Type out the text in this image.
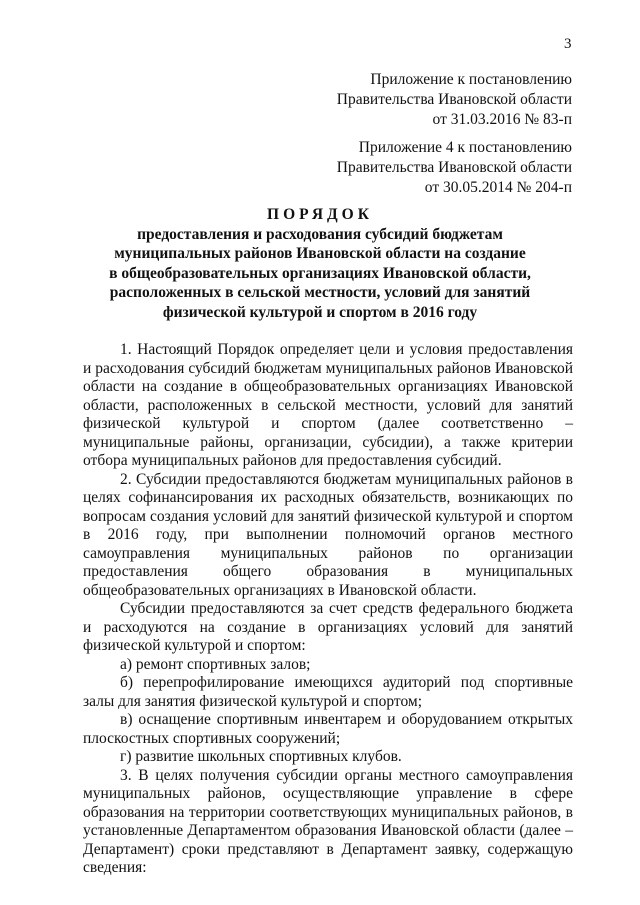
3
Приложение к постановлению
Правительства Ивановской области
от 31.03.2016 № 83-п
Приложение 4 к постановлению
Правительства Ивановской области
от 30.05.2014 № 204-п
ПОРЯДОК
предоставления и расходования субсидий бюджетам
муниципальных районов Ивановской области на создание
в общеобразовательных организациях Ивановской области,
расположенных в сельской местности, условий для занятий
физической культурой и спортом в 2016 году

1. Настоящий Порядок определяет цели и условия предоставления и расходования субсидий бюджетам муниципальных районов Ивановской области на создание в общеобразовательных организациях Ивановской области, расположенных в сельской местности, условий для занятий физической культурой и спортом (далее соответственно – муниципальные районы, организации, субсидии), а также критерии отбора муниципальных районов для предоставления субсидий.

2. Субсидии предоставляются бюджетам муниципальных районов в целях софинансирования их расходных обязательств, возникающих по вопросам создания условий для занятий физической культурой и спортом в 2016 году, при выполнении полномочий органов местного самоуправления муниципальных районов по организации предоставления общего образования в муниципальных общеобразовательных организациях в Ивановской области.

Субсидии предоставляются за счет средств федерального бюджета и расходуются на создание в организациях условий для занятий физической культурой и спортом:

а) ремонт спортивных залов;

б) перепрофилирование имеющихся аудиторий под спортивные залы для занятия физической культурой и спортом;

в) оснащение спортивным инвентарем и оборудованием открытых плоскостных спортивных сооружений;

г) развитие школьных спортивных клубов.

3. В целях получения субсидии органы местного самоуправления муниципальных районов, осуществляющие управление в сфере образования на территории соответствующих муниципальных районов, в установленные Департаментом образования Ивановской области (далее – Департамент) сроки представляют в Департамент заявку, содержащую сведения:
